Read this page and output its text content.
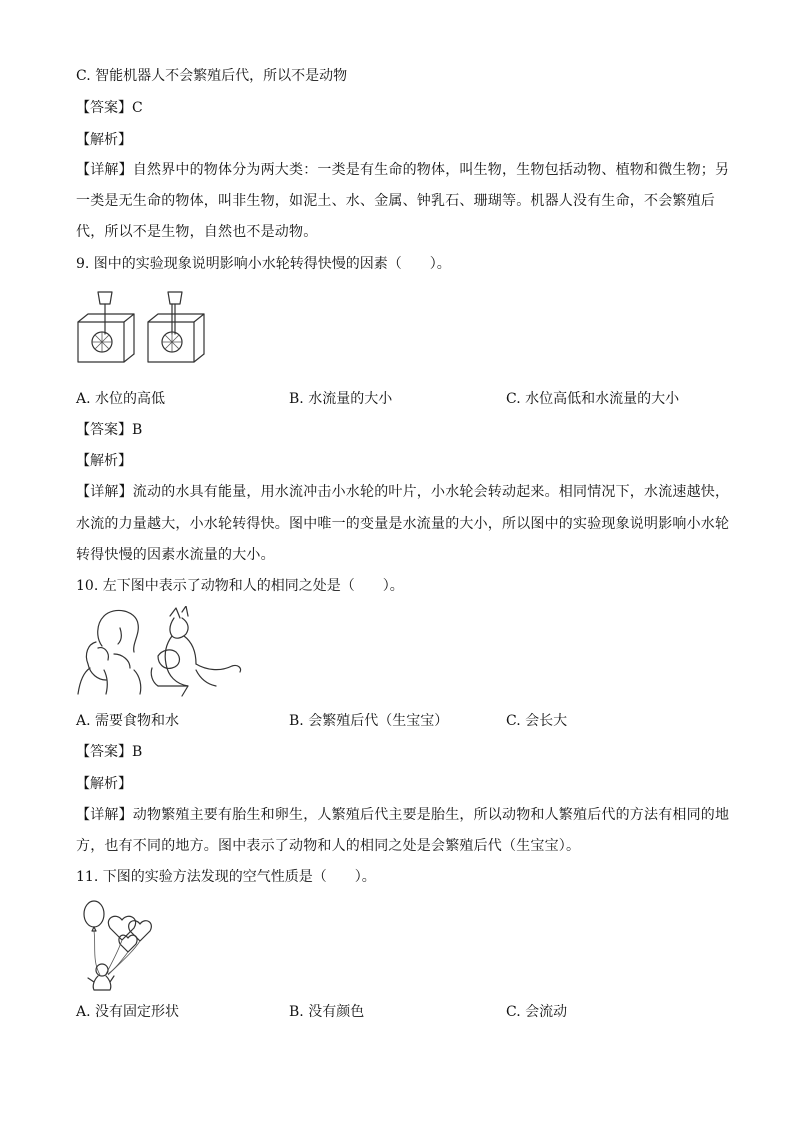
C. 智能机器人不会繁殖后代，所以不是动物
【答案】C
【解析】
【详解】自然界中的物体分为两大类：一类是有生命的物体，叫生物，生物包括动物、植物和微生物；另
一类是无生命的物体，叫非生物，如泥土、水、金属、钟乳石、珊瑚等。机器人没有生命，不会繁殖后
代，所以不是生物，自然也不是动物。
9. 图中的实验现象说明影响小水轮转得快慢的因素（　　）。
A. 水位的高低	B. 水流量的大小	C. 水位高低和水流量的大小
【答案】B
【解析】
【详解】流动的水具有能量，用水流冲击小水轮的叶片，小水轮会转动起来。相同情况下，水流速越快，
水流的力量越大，小水轮转得快。图中唯一的变量是水流量的大小，所以图中的实验现象说明影响小水轮
转得快慢的因素水流量的大小。
10. 左下图中表示了动物和人的相同之处是（　　）。
A. 需要食物和水	B. 会繁殖后代（生宝宝）	C. 会长大
【答案】B
【解析】
【详解】动物繁殖主要有胎生和卵生，人繁殖后代主要是胎生，所以动物和人繁殖后代的方法有相同的地
方，也有不同的地方。图中表示了动物和人的相同之处是会繁殖后代（生宝宝）。
11. 下图的实验方法发现的空气性质是（　　）。
A. 没有固定形状	B. 没有颜色	C. 会流动
